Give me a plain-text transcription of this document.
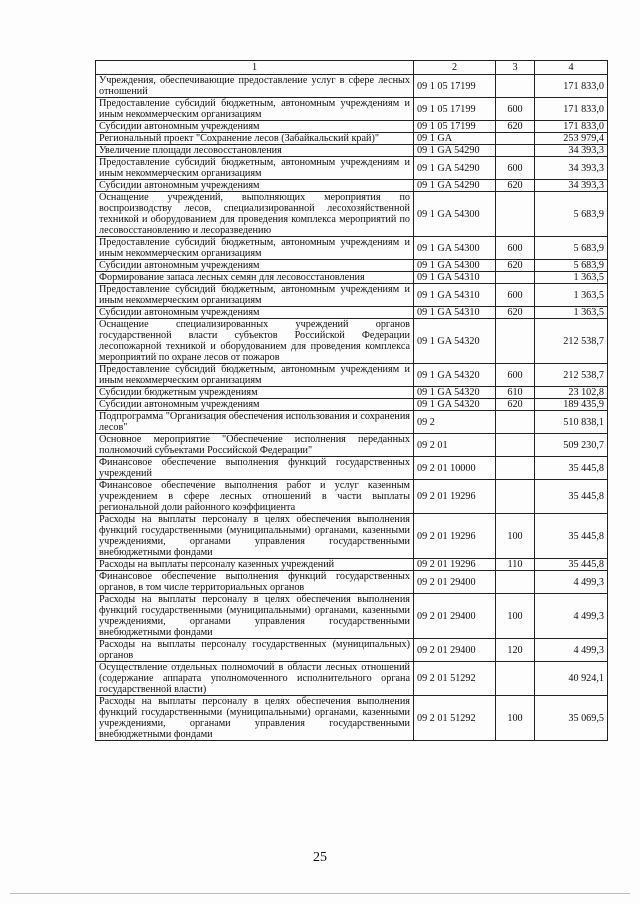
1	2	3	4
Учреждения, обеспечивающие предоставление услуг в сфере лесных отношений	09 1 05 17199		171 833,0
Предоставление субсидий бюджетным, автономным учреждениям и иным некоммерческим организациям	09 1 05 17199	600	171 833,0
Субсидии автономным учреждениям	09 1 05 17199	620	171 833,0
Региональный проект "Сохранение лесов (Забайкальский край)"	09 1 GA		253 979,4
Увеличение площади лесовосстановления	09 1 GA 54290		34 393,3
Предоставление субсидий бюджетным, автономным учреждениям и иным некоммерческим организациям	09 1 GA 54290	600	34 393,3
Субсидии автономным учреждениям	09 1 GA 54290	620	34 393,3
Оснащение учреждений, выполняющих мероприятия по воспроизводству лесов, специализированной лесохозяйственной техникой и оборудованием для проведения комплекса мероприятий по лесовосстановлению и лесоразведению	09 1 GA 54300		5 683,9
Предоставление субсидий бюджетным, автономным учреждениям и иным некоммерческим организациям	09 1 GA 54300	600	5 683,9
Субсидии автономным учреждениям	09 1 GA 54300	620	5 683,9
Формирование запаса лесных семян для лесовосстановления	09 1 GA 54310		1 363,5
Предоставление субсидий бюджетным, автономным учреждениям и иным некоммерческим организациям	09 1 GA 54310	600	1 363,5
Субсидии автономным учреждениям	09 1 GA 54310	620	1 363,5
Оснащение специализированных учреждений органов государственной власти субъектов Российской Федерации лесопожарной техникой и оборудованием для проведения комплекса мероприятий по охране лесов от пожаров	09 1 GA 54320		212 538,7
Предоставление субсидий бюджетным, автономным учреждениям и иным некоммерческим организациям	09 1 GA 54320	600	212 538,7
Субсидии бюджетным учреждениям	09 1 GA 54320	610	23 102,8
Субсидии автономным учреждениям	09 1 GA 54320	620	189 435,9
Подпрограмма "Организация обеспечения использования и сохранения лесов"	09 2		510 838,1
Основное мероприятие "Обеспечение исполнения переданных полномочий субъектами Российской Федерации"	09 2 01		509 230,7
Финансовое обеспечение выполнения функций государственных учреждений	09 2 01 10000		35 445,8
Финансовое обеспечение выполнения работ и услуг казенным учреждением в сфере лесных отношений в части выплаты региональной доли районного коэффициента	09 2 01 19296		35 445,8
Расходы на выплаты персоналу в целях обеспечения выполнения функций государственными (муниципальными) органами, казенными учреждениями, органами управления государственными внебюджетными фондами	09 2 01 19296	100	35 445,8
Расходы на выплаты персоналу казенных учреждений	09 2 01 19296	110	35 445,8
Финансовое обеспечение выполнения функций государственных органов, в том числе территориальных органов	09 2 01 29400		4 499,3
Расходы на выплаты персоналу в целях обеспечения выполнения функций государственными (муниципальными) органами, казенными учреждениями, органами управления государственными внебюджетными фондами	09 2 01 29400	100	4 499,3
Расходы на выплаты персоналу государственных (муниципальных) органов	09 2 01 29400	120	4 499,3
Осуществление отдельных полномочий в области лесных отношений (содержание аппарата уполномоченного исполнительного органа государственной власти)	09 2 01 51292		40 924,1
Расходы на выплаты персоналу в целях обеспечения выполнения функций государственными (муниципальными) органами, казенными учреждениями, органами управления государственными внебюджетными фондами	09 2 01 51292	100	35 069,5
25
